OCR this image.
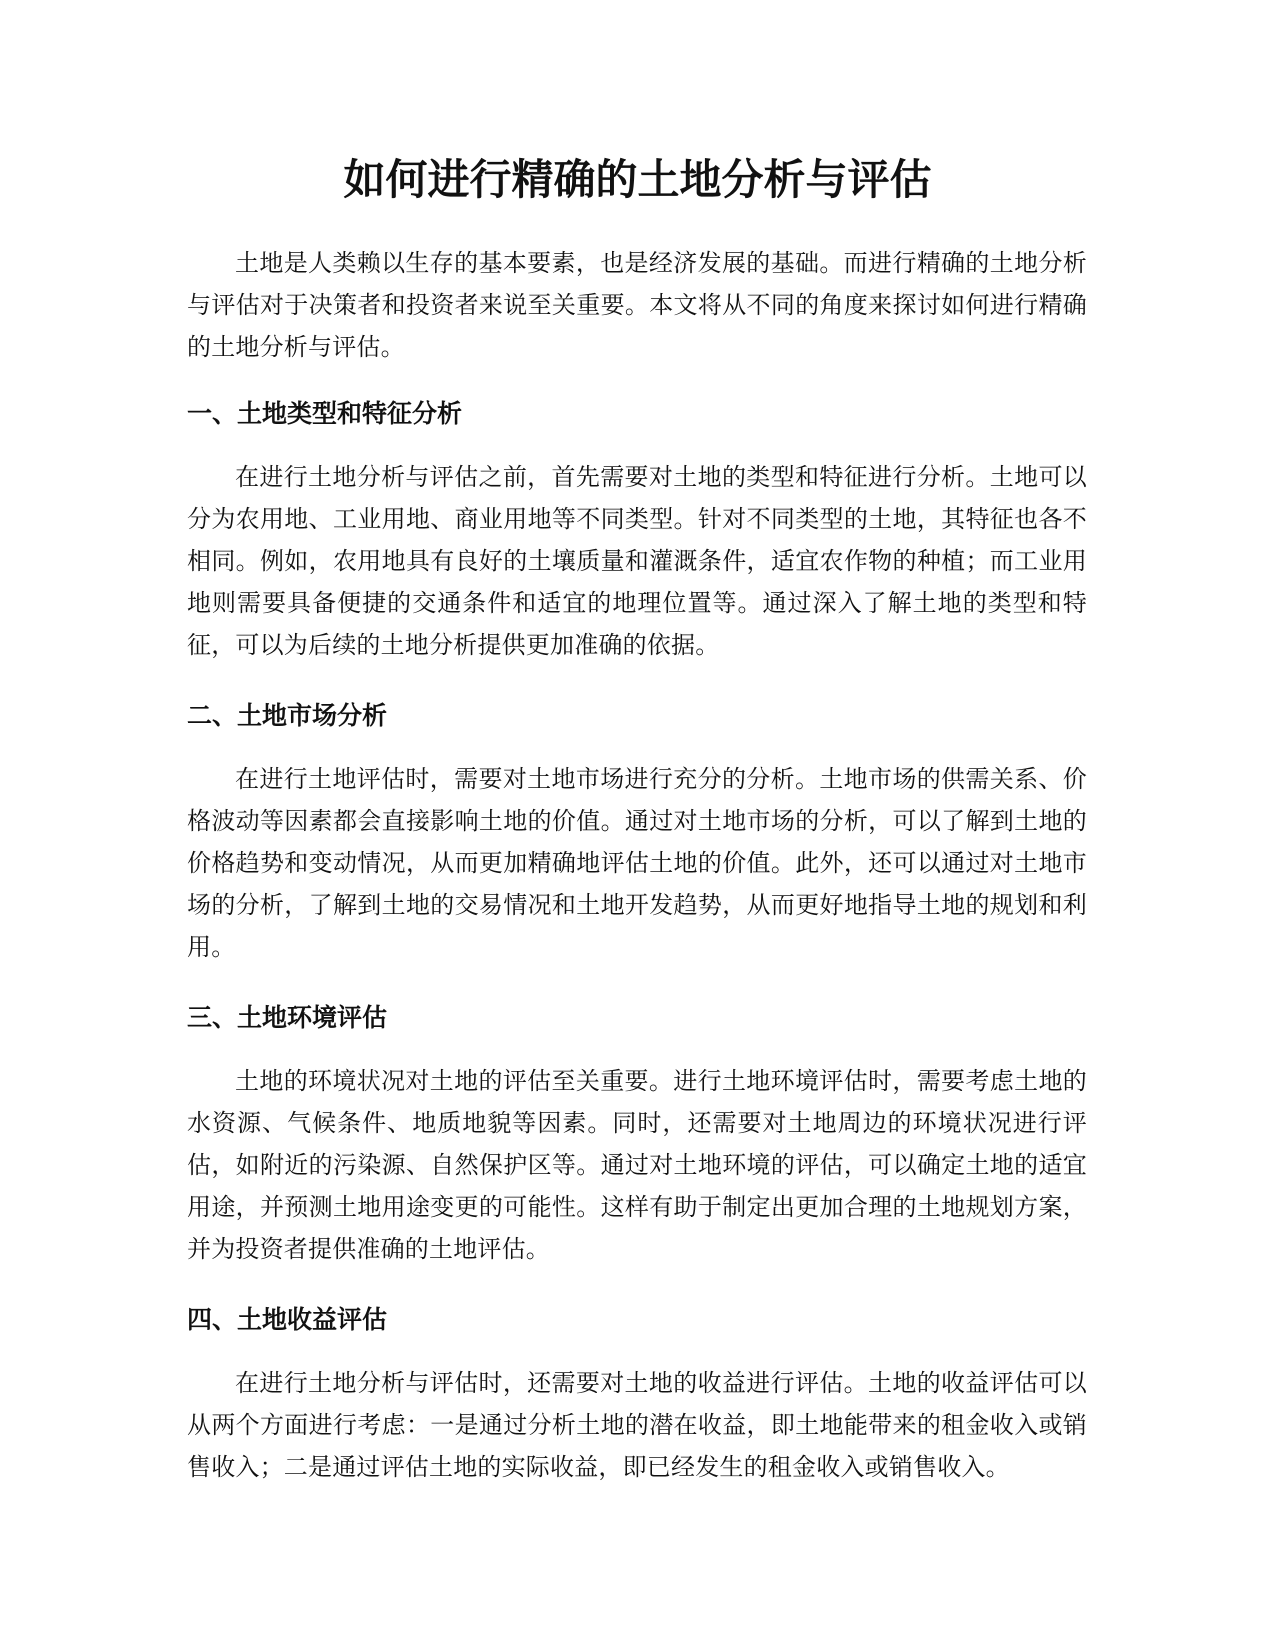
如何进行精确的土地分析与评估

土地是人类赖以生存的基本要素，也是经济发展的基础。而进行精确的土地分析与评估对于决策者和投资者来说至关重要。本文将从不同的角度来探讨如何进行精确的土地分析与评估。

一、土地类型和特征分析

在进行土地分析与评估之前，首先需要对土地的类型和特征进行分析。土地可以分为农用地、工业用地、商业用地等不同类型。针对不同类型的土地，其特征也各不相同。例如，农用地具有良好的土壤质量和灌溉条件，适宜农作物的种植；而工业用地则需要具备便捷的交通条件和适宜的地理位置等。通过深入了解土地的类型和特征，可以为后续的土地分析提供更加准确的依据。

二、土地市场分析

在进行土地评估时，需要对土地市场进行充分的分析。土地市场的供需关系、价格波动等因素都会直接影响土地的价值。通过对土地市场的分析，可以了解到土地的价格趋势和变动情况，从而更加精确地评估土地的价值。此外，还可以通过对土地市场的分析，了解到土地的交易情况和土地开发趋势，从而更好地指导土地的规划和利用。

三、土地环境评估

土地的环境状况对土地的评估至关重要。进行土地环境评估时，需要考虑土地的水资源、气候条件、地质地貌等因素。同时，还需要对土地周边的环境状况进行评估，如附近的污染源、自然保护区等。通过对土地环境的评估，可以确定土地的适宜用途，并预测土地用途变更的可能性。这样有助于制定出更加合理的土地规划方案，并为投资者提供准确的土地评估。

四、土地收益评估

在进行土地分析与评估时，还需要对土地的收益进行评估。土地的收益评估可以从两个方面进行考虑：一是通过分析土地的潜在收益，即土地能带来的租金收入或销售收入；二是通过评估土地的实际收益，即已经发生的租金收入或销售收入。
